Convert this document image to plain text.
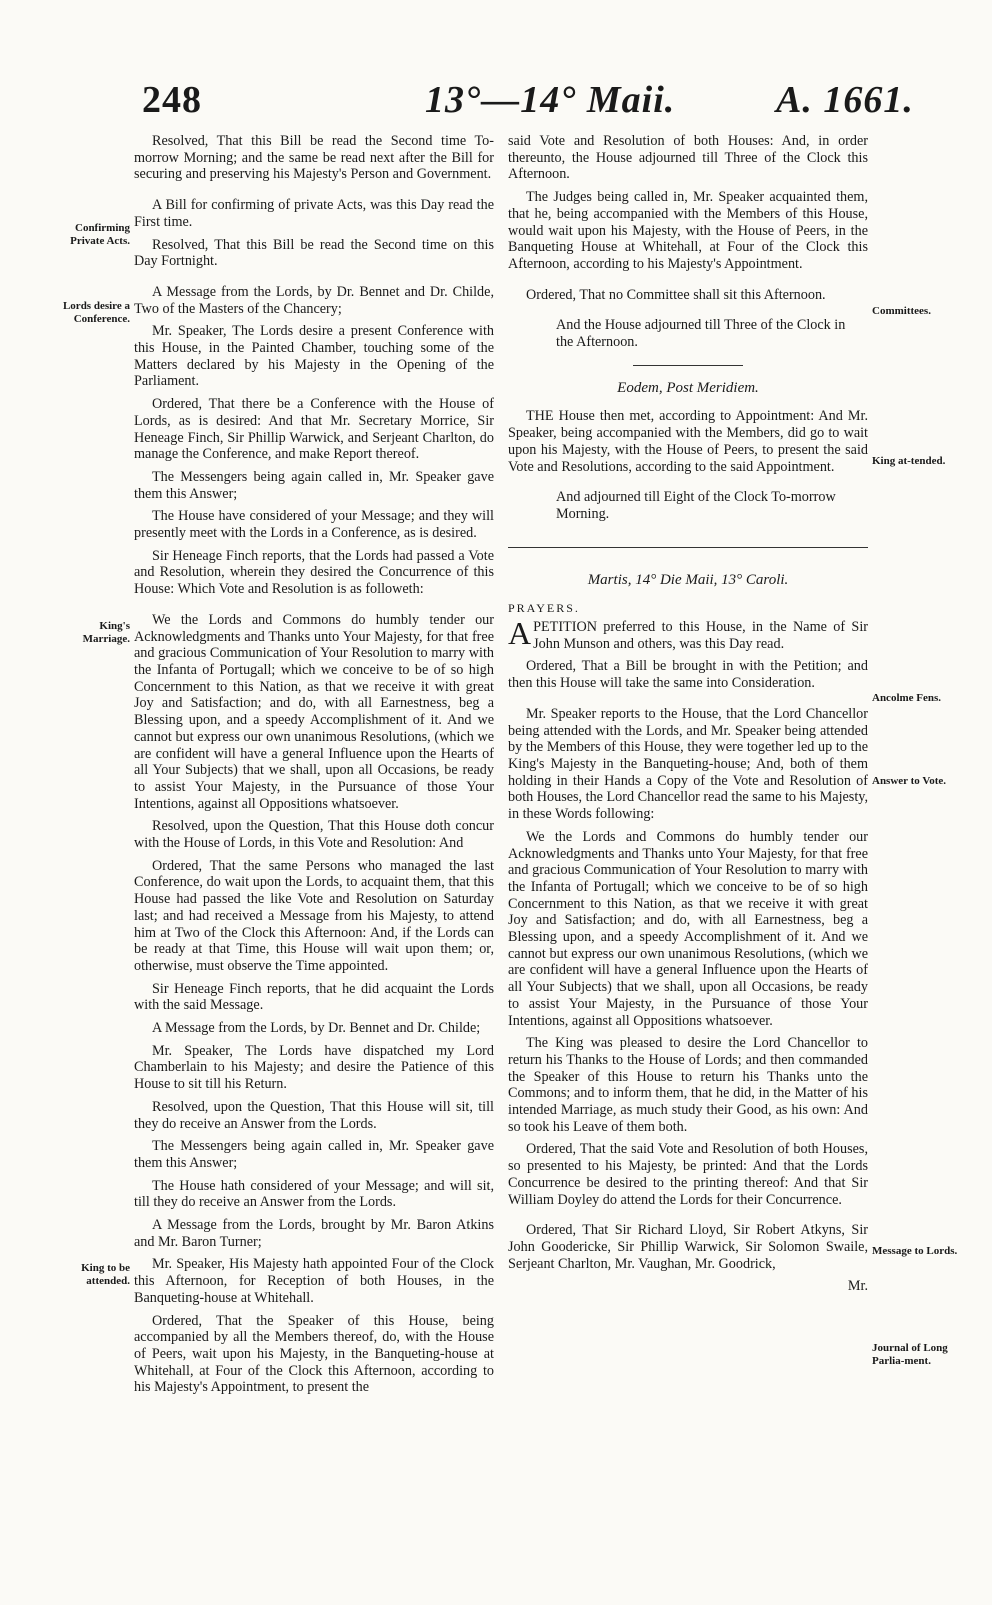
248	13°—14° Maii.	A. 1661.
Confirming Private Acts.
Lords desire a Conference.
King's Marriage.
King to be attended.
Committees.
King at-tended.
Ancolme Fens.
Answer to Vote.
Message to Lords.
Journal of Long Parlia-ment.

Resolved, That this Bill be read the Second time To-morrow Morning; and the same be read next after the Bill for securing and preserving his Majesty's Person and Government.

A Bill for confirming of private Acts, was this Day read the First time.

Resolved, That this Bill be read the Second time on this Day Fortnight.

A Message from the Lords, by Dr. Bennet and Dr. Childe, Two of the Masters of the Chancery;

Mr. Speaker, The Lords desire a present Conference with this House, in the Painted Chamber, touching some of the Matters declared by his Majesty in the Opening of the Parliament.

Ordered, That there be a Conference with the House of Lords, as is desired: And that Mr. Secretary Morrice, Sir Heneage Finch, Sir Phillip Warwick, and Serjeant Charlton, do manage the Conference, and make Report thereof.

The Messengers being again called in, Mr. Speaker gave them this Answer;

The House have considered of your Message; and they will presently meet with the Lords in a Conference, as is desired.

Sir Heneage Finch reports, that the Lords had passed a Vote and Resolution, wherein they desired the Concurrence of this House: Which Vote and Resolution is as followeth:

We the Lords and Commons do humbly tender our Acknowledgments and Thanks unto Your Majesty, for that free and gracious Communication of Your Resolution to marry with the Infanta of Portugall; which we conceive to be of so high Concernment to this Nation, as that we receive it with great Joy and Satisfaction; and do, with all Earnestness, beg a Blessing upon, and a speedy Accomplishment of it. And we cannot but express our own unanimous Resolutions, (which we are confident will have a general Influence upon the Hearts of all Your Subjects) that we shall, upon all Occasions, be ready to assist Your Majesty, in the Pursuance of those Your Intentions, against all Oppositions whatsoever.

Resolved, upon the Question, That this House doth concur with the House of Lords, in this Vote and Resolution: And

Ordered, That the same Persons who managed the last Conference, do wait upon the Lords, to acquaint them, that this House had passed the like Vote and Resolution on Saturday last; and had received a Message from his Majesty, to attend him at Two of the Clock this Afternoon: And, if the Lords can be ready at that Time, this House will wait upon them; or, otherwise, must observe the Time appointed.

Sir Heneage Finch reports, that he did acquaint the Lords with the said Message.

A Message from the Lords, by Dr. Bennet and Dr. Childe;

Mr. Speaker, The Lords have dispatched my Lord Chamberlain to his Majesty; and desire the Patience of this House to sit till his Return.

Resolved, upon the Question, That this House will sit, till they do receive an Answer from the Lords.

The Messengers being again called in, Mr. Speaker gave them this Answer;

The House hath considered of your Message; and will sit, till they do receive an Answer from the Lords.

A Message from the Lords, brought by Mr. Baron Atkins and Mr. Baron Turner;

Mr. Speaker, His Majesty hath appointed Four of the Clock this Afternoon, for Reception of both Houses, in the Banqueting-house at Whitehall.

Ordered, That the Speaker of this House, being accompanied by all the Members thereof, do, with the House of Peers, wait upon his Majesty, in the Banqueting-house at Whitehall, at Four of the Clock this Afternoon, according to his Majesty's Appointment, to present the

said Vote and Resolution of both Houses: And, in order thereunto, the House adjourned till Three of the Clock this Afternoon.

The Judges being called in, Mr. Speaker acquainted them, that he, being accompanied with the Members of this House, would wait upon his Majesty, with the House of Peers, in the Banqueting House at Whitehall, at Four of the Clock this Afternoon, according to his Majesty's Appointment.

Ordered, That no Committee shall sit this Afternoon.

And the House adjourned till Three of the Clock in the Afternoon.

Eodem, Post Meridiem.

THE House then met, according to Appointment: And Mr. Speaker, being accompanied with the Members, did go to wait upon his Majesty, with the House of Peers, to present the said Vote and Resolutions, according to the said Appointment.

And adjourned till Eight of the Clock To-morrow Morning.

Martis, 14° Die Maii, 13° Caroli.

PRAYERS.

APETITION preferred to this House, in the Name of Sir John Munson and others, was this Day read.

Ordered, That a Bill be brought in with the Petition; and then this House will take the same into Consideration.

Mr. Speaker reports to the House, that the Lord Chancellor being attended with the Lords, and Mr. Speaker being attended by the Members of this House, they were together led up to the King's Majesty in the Banqueting-house; And, both of them holding in their Hands a Copy of the Vote and Resolution of both Houses, the Lord Chancellor read the same to his Majesty, in these Words following:

We the Lords and Commons do humbly tender our Acknowledgments and Thanks unto Your Majesty, for that free and gracious Communication of Your Resolution to marry with the Infanta of Portugall; which we conceive to be of so high Concernment to this Nation, as that we receive it with great Joy and Satisfaction; and do, with all Earnestness, beg a Blessing upon, and a speedy Accomplishment of it. And we cannot but express our own unanimous Resolutions, (which we are confident will have a general Influence upon the Hearts of all Your Subjects) that we shall, upon all Occasions, be ready to assist Your Majesty, in the Pursuance of those Your Intentions, against all Oppositions whatsoever.

The King was pleased to desire the Lord Chancellor to return his Thanks to the House of Lords; and then commanded the Speaker of this House to return his Thanks unto the Commons; and to inform them, that he did, in the Matter of his intended Marriage, as much study their Good, as his own: And so took his Leave of them both.

Ordered, That the said Vote and Resolution of both Houses, so presented to his Majesty, be printed: And that the Lords Concurrence be desired to the printing thereof: And that Sir William Doyley do attend the Lords for their Concurrence.

Ordered, That Sir Richard Lloyd, Sir Robert Atkyns, Sir John Goodericke, Sir Phillip Warwick, Sir Solomon Swaile, Serjeant Charlton, Mr. Vaughan, Mr. Goodrick,

Mr.
